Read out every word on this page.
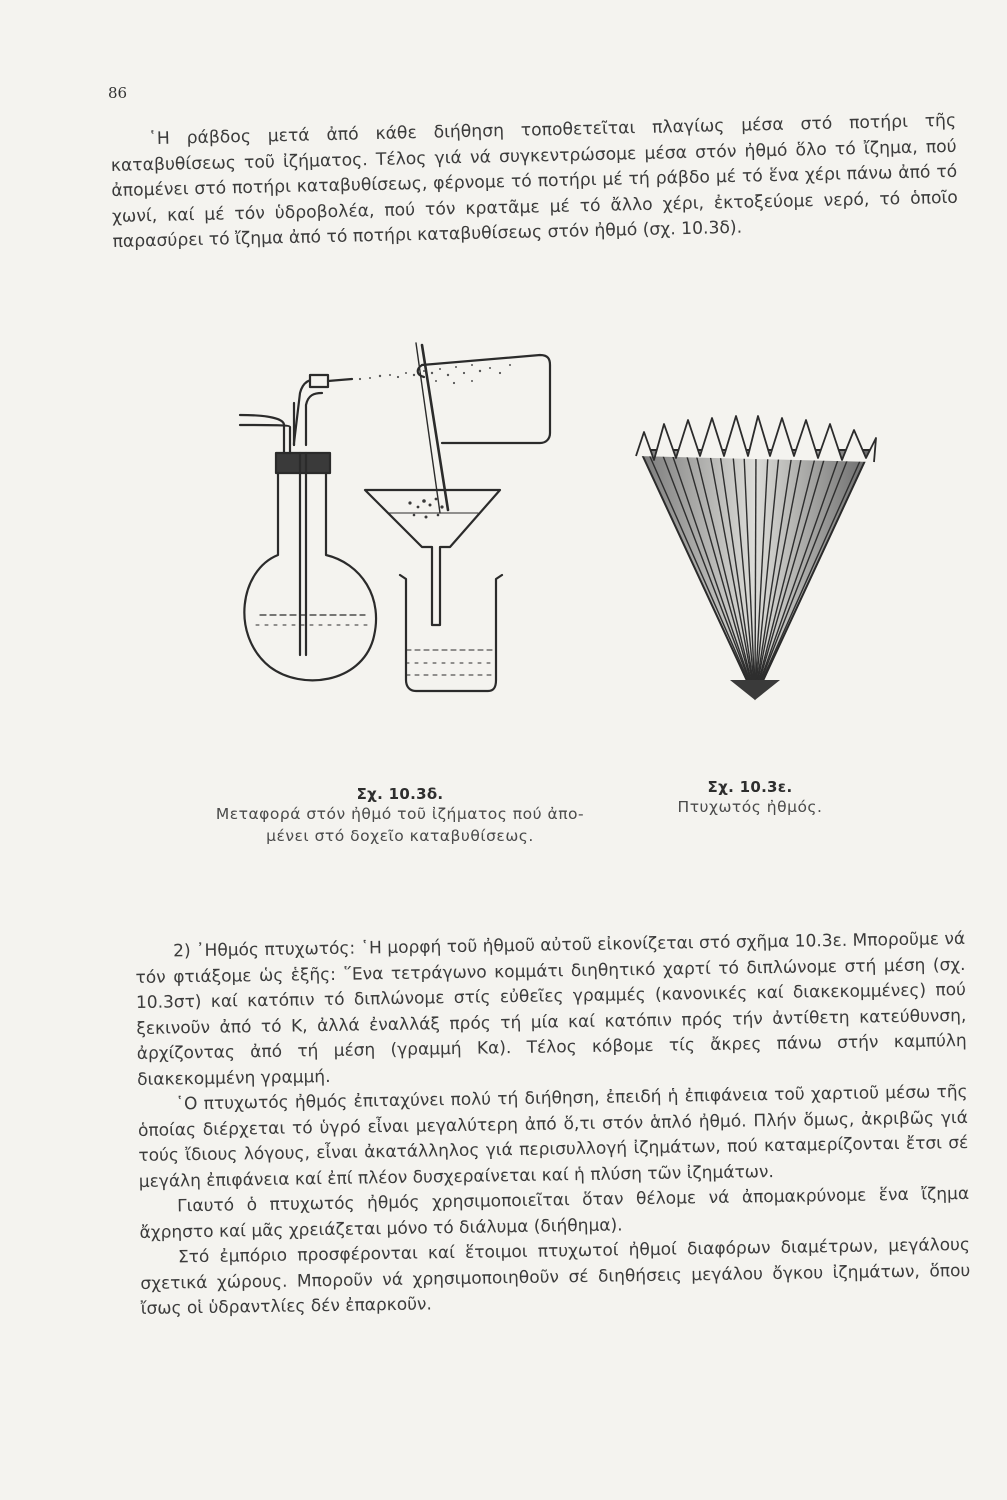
86

῾Η ράβδος μετά ἀπό κάθε διήθηση τοποθετεῖται πλαγίως μέσα στό ποτήρι τῆς καταβυθίσεως τοῦ ἰζήματος. Τέλος γιά νά συγκεντρώσομε μέσα στόν ἠθμό ὅλο τό ἴζημα, πού ἀπομένει στό ποτήρι καταβυθίσεως, φέρνομε τό ποτήρι μέ τή ράβδο μέ τό ἕνα χέρι πάνω ἀπό τό χωνί, καί μέ τόν ὑδροβολέα, πού τόν κρατᾶμε μέ τό ἄλλο χέρι, ἐκτοξεύομε νερό, τό ὁποῖο παρασύρει τό ἴζημα ἀπό τό ποτήρι καταβυθίσεως στόν ἠθμό (σχ. 10.3δ).

Σχ. 10.3δ.
Μεταφορά στόν ἠθμό τοῦ ἰζήματος πού ἀπο-
μένει στό δοχεῖο καταβυθίσεως.
Σχ. 10.3ε.
Πτυχωτός ἠθμός.
2) ᾿Ηθμός πτυχωτός: ῾Η μορφή τοῦ ἠθμοῦ αὐτοῦ εἰκονίζεται στό σχῆμα 10.3ε. Μποροῦμε νά τόν φτιάξομε ὡς ἑξῆς: ῞Ενα τετράγωνο κομμάτι διηθητικό χαρτί τό διπλώνομε στή μέση (σχ. 10.3στ) καί κατόπιν τό διπλώνομε στίς εὐθεῖες γραμμές (κανονικές καί διακεκομμένες) πού ξεκινοῦν ἀπό τό Κ, ἀλλά ἐναλλάξ πρός τή μία καί κατόπιν πρός τήν ἀντίθετη κατεύθυνση, ἀρχίζοντας ἀπό τή μέση (γραμμή Κα). Τέλος κόβομε τίς ἄκρες πάνω στήν καμπύλη διακεκομμένη γραμμή.
῾Ο πτυχωτός ἠθμός ἐπιταχύνει πολύ τή διήθηση, ἐπειδή ἡ ἐπιφάνεια τοῦ χαρτιοῦ μέσω τῆς ὁποίας διέρχεται τό ὑγρό εἶναι μεγαλύτερη ἀπό ὅ,τι στόν ἁπλό ἠθμό. Πλήν ὅμως, ἀκριβῶς γιά τούς ἴδιους λόγους, εἶναι ἀκατάλληλος γιά περισυλλογή ἰζημάτων, πού καταμερίζονται ἔτσι σέ μεγάλη ἐπιφάνεια καί ἐπί πλέον δυσχεραίνεται καί ἡ πλύση τῶν ἰζημάτων.
Γιαυτό ὁ πτυχωτός ἠθμός χρησιμοποιεῖται ὅταν θέλομε νά ἀπομακρύνομε ἕνα ἴζημα ἄχρηστο καί μᾶς χρειάζεται μόνο τό διάλυμα (διήθημα).
Στό ἐμπόριο προσφέρονται καί ἕτοιμοι πτυχωτοί ἠθμοί διαφόρων διαμέτρων, μεγάλους σχετικά χώρους. Μποροῦν νά χρησιμοποιηθοῦν σέ διηθήσεις μεγάλου ὄγκου ἰζημάτων, ὅπου ἴσως οἱ ὑδραντλίες δέν ἐπαρκοῦν.
